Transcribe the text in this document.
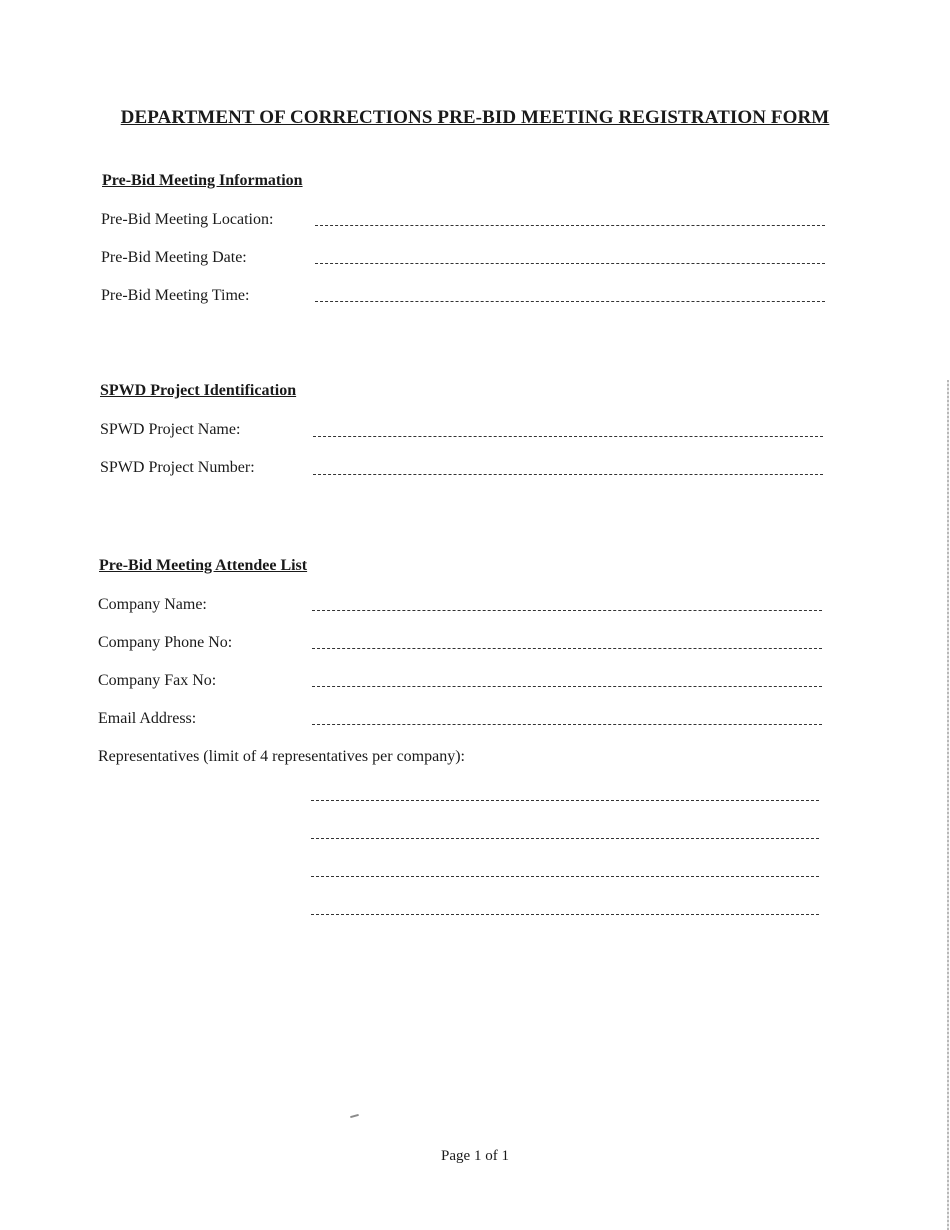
DEPARTMENT OF CORRECTIONS PRE-BID MEETING REGISTRATION FORM
Pre-Bid Meeting Information
Pre-Bid Meeting Location:
Pre-Bid Meeting Date:
Pre-Bid Meeting Time:
SPWD Project Identification
SPWD Project Name:
SPWD Project Number:
Pre-Bid Meeting Attendee List
Company Name:
Company Phone No:
Company Fax No:
Email Address:
Representatives (limit of 4 representatives per company):
Page 1 of 1
